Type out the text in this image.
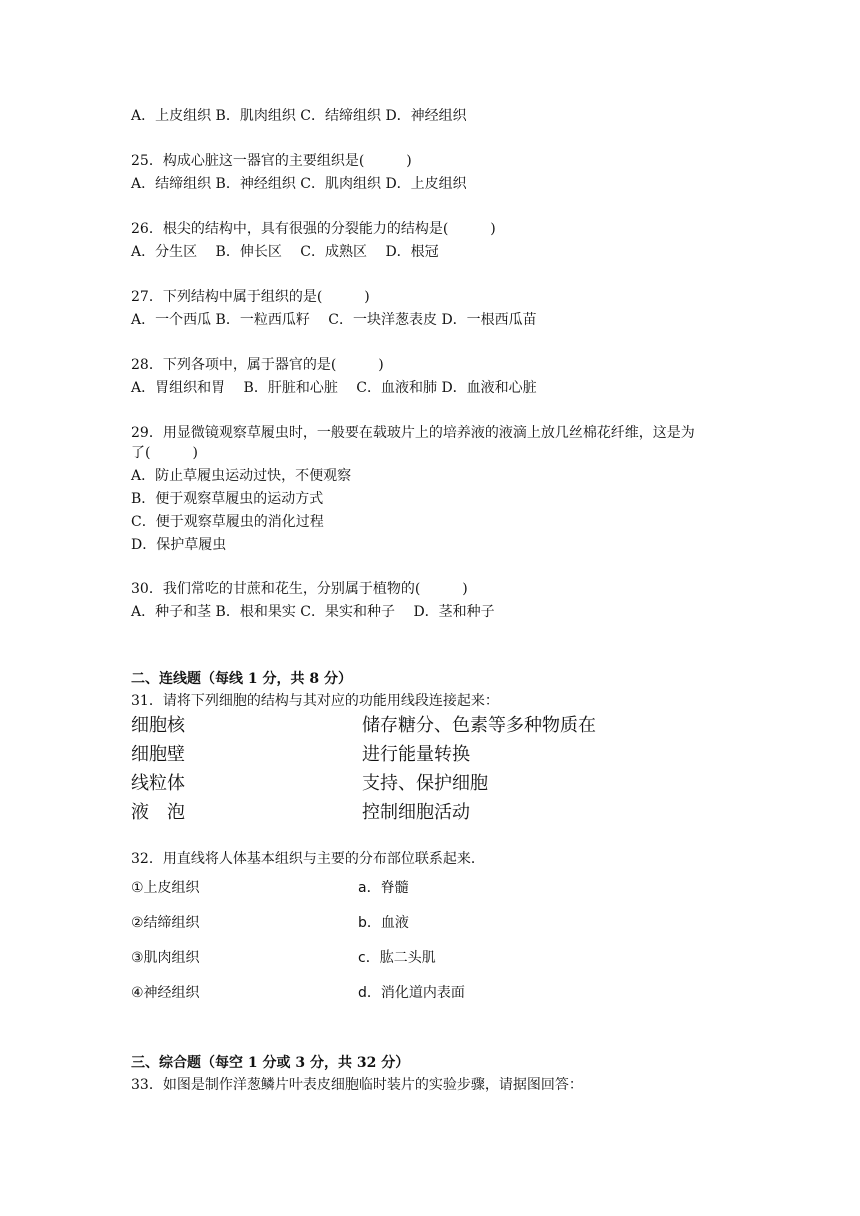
A．上皮组织 B．肌肉组织 C．结缔组织 D．神经组织
25．构成心脏这一器官的主要组织是(　　　)
A．结缔组织 B．神经组织 C．肌肉组织 D．上皮组织
26．根尖的结构中，具有很强的分裂能力的结构是(　　　)
A．分生区　 B．伸长区　 C．成熟区　 D．根冠
27．下列结构中属于组织的是(　　　)
A．一个西瓜 B．一粒西瓜籽　 C．一块洋葱表皮 D．一根西瓜苗
28．下列各项中，属于器官的是(　　　)
A．胃组织和胃　 B．肝脏和心脏　 C．血液和肺 D．血液和心脏
29．用显微镜观察草履虫时，一般要在载玻片上的培养液的液滴上放几丝棉花纤维，这是为
了(　　　)
A．防止草履虫运动过快，不便观察
B．便于观察草履虫的运动方式
C．便于观察草履虫的消化过程
D．保护草履虫
30．我们常吃的甘蔗和花生，分别属于植物的(　　　)
A．种子和茎 B．根和果实 C．果实和种子　 D．茎和种子
二、连线题（每线 1 分，共 8 分）
31．请将下列细胞的结构与其对应的功能用线段连接起来：
细胞核	储存糖分、色素等多种物质在
细胞壁	进行能量转换
线粒体	支持、保护细胞
液　泡	控制细胞活动
32．用直线将人体基本组织与主要的分布部位联系起来．
①上皮组织	a．脊髓
②结缔组织	b．血液
③肌肉组织	c．肱二头肌
④神经组织	d．消化道内表面
三、综合题（每空 1 分或 3 分，共 32 分）
33．如图是制作洋葱鳞片叶表皮细胞临时装片的实验步骤，请据图回答：
